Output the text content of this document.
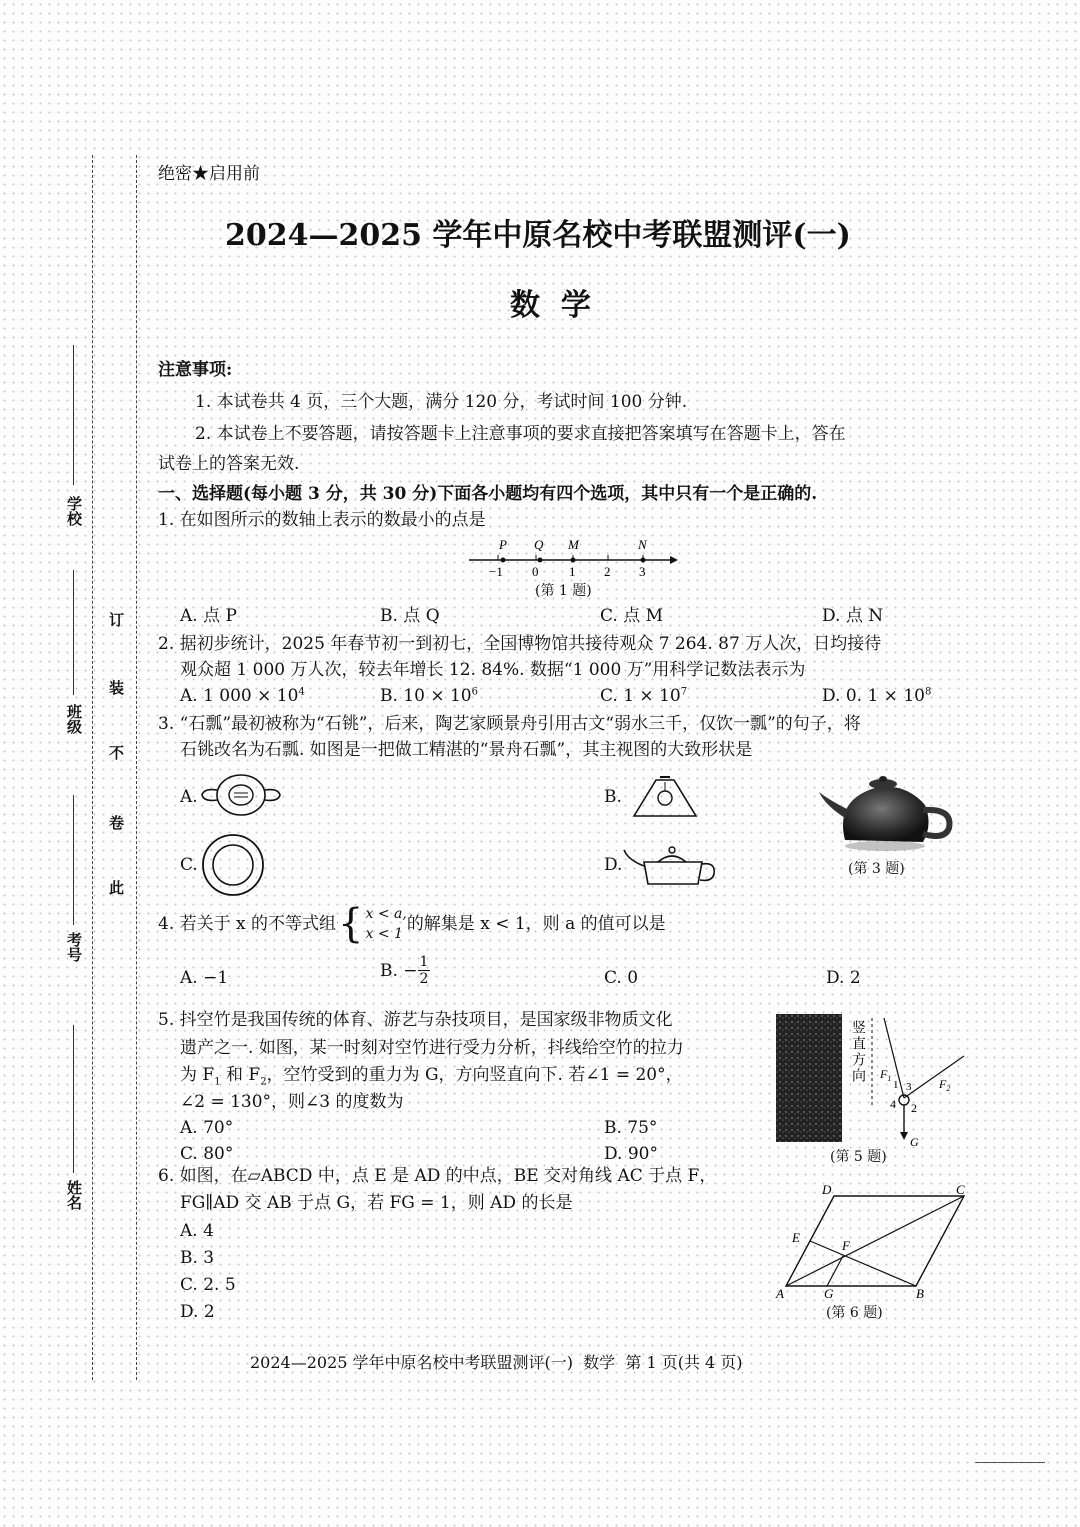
学校
班级
考号
姓名
此
卷
不
装
订
绝密★启用前
2024—2025 学年中原名校中考联盟测评(一)
数  学
注意事项:
1. 本试卷共 4 页，三个大题，满分 120 分，考试时间 100 分钟.
2. 本试卷上不要答题，请按答题卡上注意事项的要求直接把答案填写在答题卡上，答在
试卷上的答案无效.
一、选择题(每小题 3 分，共 30 分)下面各小题均有四个选项，其中只有一个是正确的.
1. 在如图所示的数轴上表示的数最小的点是
P Q M	N
−1 0 1 2 3
(第 1 题)
A. 点 P	B. 点 Q	C. 点 M	D. 点 N
2. 据初步统计，2025 年春节初一到初七，全国博物馆共接待观众 7 264. 87 万人次，日均接待
观众超 1 000 万人次，较去年增长 12. 84%. 数据“1 000 万”用科学记数法表示为
A. 1 $000 \times 10^4$	B. $10 \times 10^6$	C. $1 \times 10^7$	D. 0. $1 \times 10^8$
3. “石瓢”最初被称为“石铫”，后来，陶艺家顾景舟引用古文“弱水三千，仅饮一瓢”的句子，将
石铫改名为石瓢. 如图是一把做工精湛的“景舟石瓢”，其主视图的大致形状是
A.	B.
C.	D.	(第 3 题)
4. 若关于 x 的不等式组 { x < a,
x < 1 的解集是 x < 1，则 a 的值可以是
A. −1	B. − $\frac{1}{2}$	C. 0	D. 2
5. 抖空竹是我国传统的体育、游艺与杂技项目，是国家级非物质文化
遗产之一. 如图，某一时刻对空竹进行受力分析，抖线给空竹的拉力
为 $F_1$ 和 $F_2$，空竹受到的重力为 G，方向竖直向下. 若∠1 = 20°，
∠2 = 130°，则∠3 的度数为
A. 70°	B. 75°
C. 80°	D. 90°
竖直方向 $F_1$	$F_2$
G
1
2
3
4
(第 5 题)
6. 如图，在▱ABCD 中，点 E 是 AD 的中点，BE 交对角线 AC 于点 F，
FG∥AD 交 AB 于点 G，若 FG = 1，则 AD 的长是
A. 4
B. 3
C. 2. 5
D. 2
A	B
C
D
E
F
G
(第 6 题)
2024—2025 学年中原名校中考联盟测评(一)  数学  第 1 页(共 4 页)
